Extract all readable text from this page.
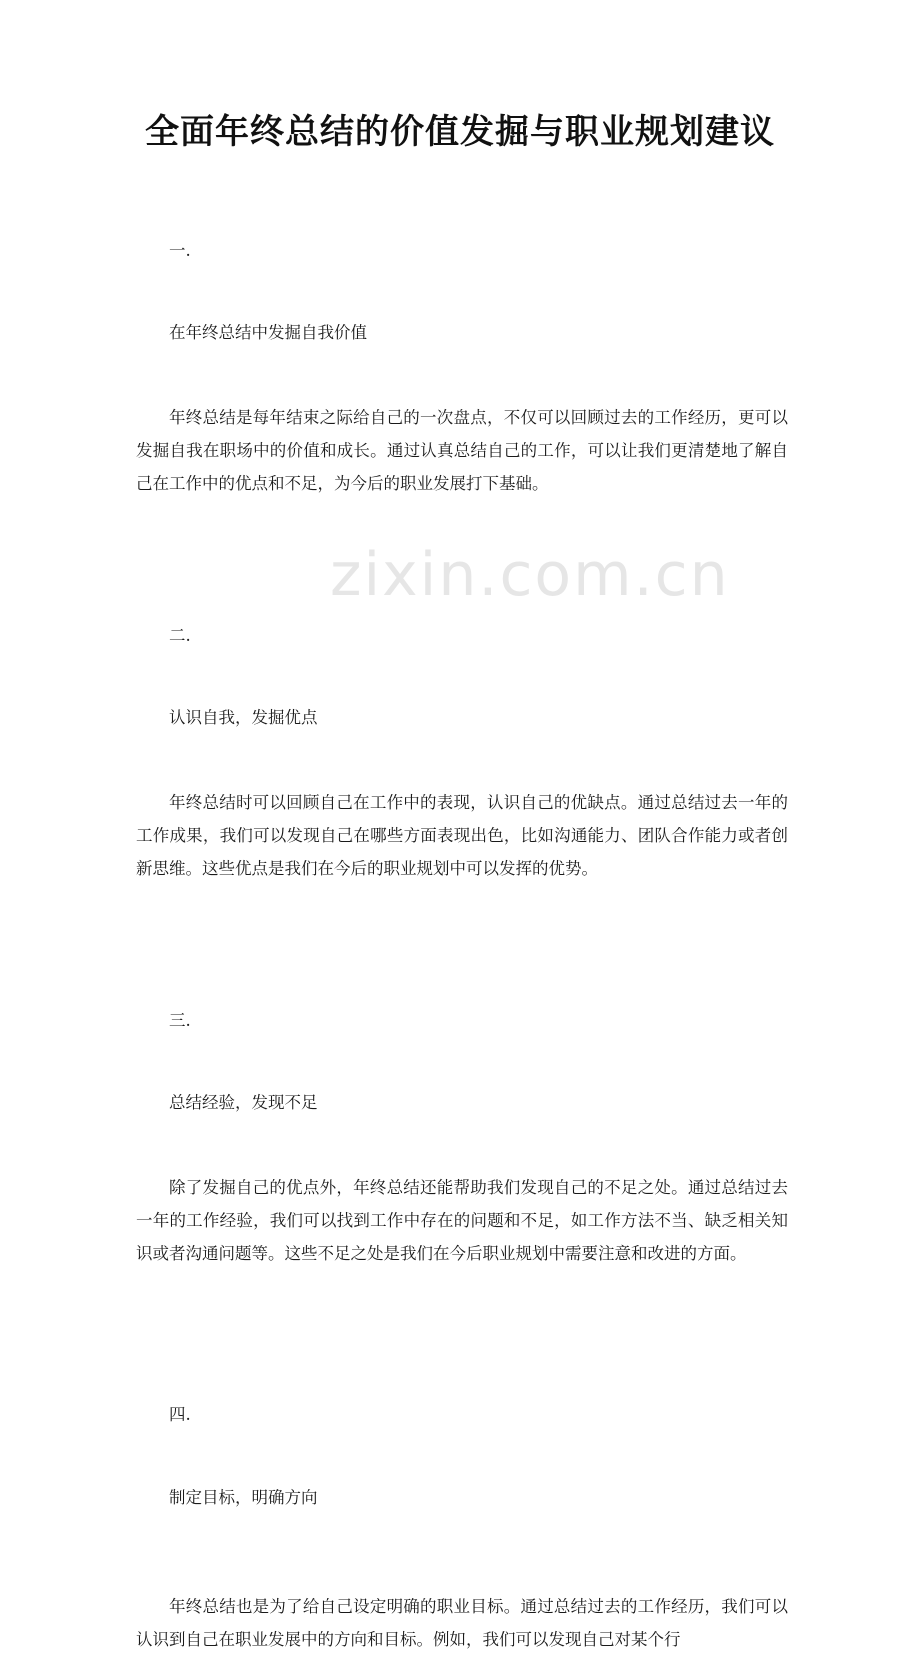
zixin.com.cn
全面年终总结的价值发掘与职业规划建议

一.

在年终总结中发掘自我价值

年终总结是每年结束之际给自己的一次盘点，不仅可以回顾过去的工作经历，更可以发掘自我在职场中的价值和成长。通过认真总结自己的工作，可以让我们更清楚地了解自己在工作中的优点和不足，为今后的职业发展打下基础。

二.

认识自我，发掘优点

年终总结时可以回顾自己在工作中的表现，认识自己的优缺点。通过总结过去一年的工作成果，我们可以发现自己在哪些方面表现出色，比如沟通能力、团队合作能力或者创新思维。这些优点是我们在今后的职业规划中可以发挥的优势。

三.

总结经验，发现不足

除了发掘自己的优点外，年终总结还能帮助我们发现自己的不足之处。通过总结过去一年的工作经验，我们可以找到工作中存在的问题和不足，如工作方法不当、缺乏相关知识或者沟通问题等。这些不足之处是我们在今后职业规划中需要注意和改进的方面。

四.

制定目标，明确方向

年终总结也是为了给自己设定明确的职业目标。通过总结过去的工作经历，我们可以认识到自己在职业发展中的方向和目标。例如，我们可以发现自己对某个行
